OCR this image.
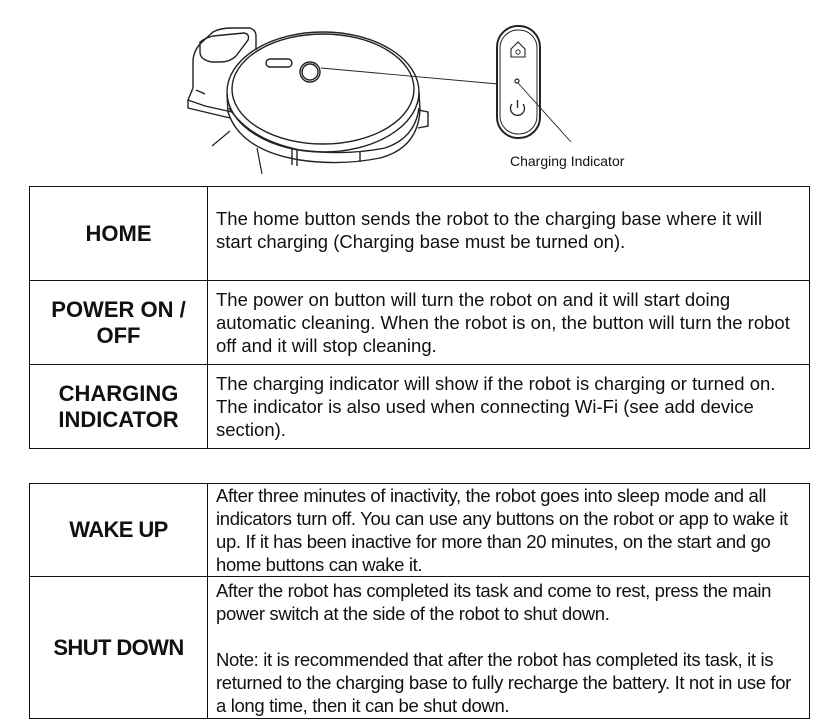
Charging Indicator
HOME	The home button sends the robot to the charging base where it will start charging (Charging base must be turned on).

POWER ON / OFF	The power on button will turn the robot on and it will start doing automatic cleaning. When the robot is on, the button will turn the robot off and it will stop cleaning.

CHARGING INDICATOR	The charging indicator will show if the robot is charging or turned on. The indicator is also used when connecting Wi-Fi (see add device section).

WAKE UP	After three minutes of inactivity, the robot goes into sleep mode and all indicators turn off. You can use any buttons on the robot or app to wake it up. If it has been inactive for more than 20 minutes, on the start and go home buttons can wake it.

SHUT DOWN	After the robot has completed its task and come to rest, press the main power switch at the side of the robot to shut down.

Note: it is recommended that after the robot has completed its task, it is returned to the charging base to fully recharge the battery. It not in use for a long time, then it can be shut down.
